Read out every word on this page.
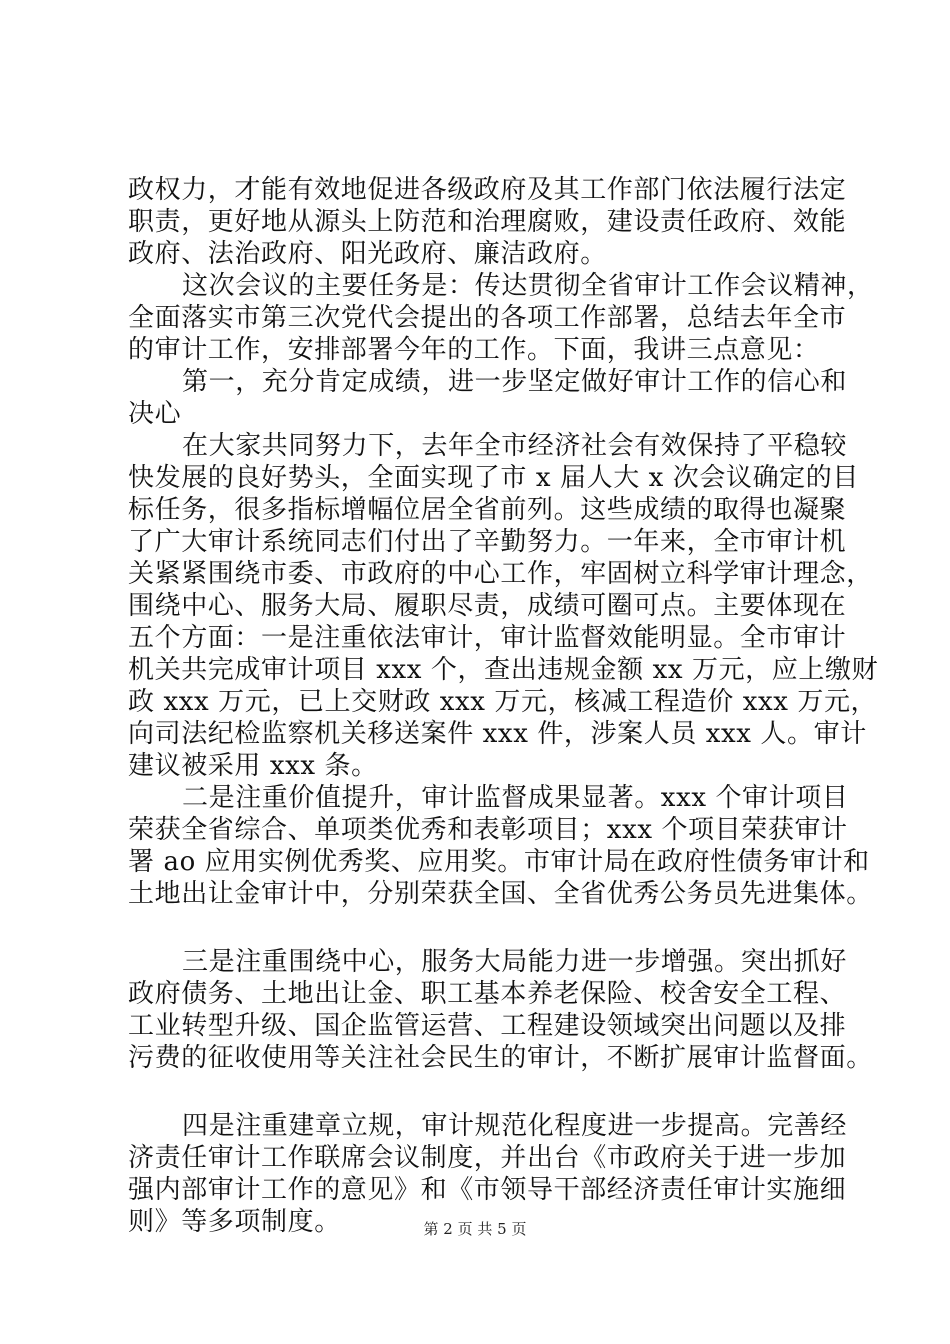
政权力，才能有效地促进各级政府及其工作部门依法履行法定
职责，更好地从源头上防范和治理腐败，建设责任政府、效能
政府、法治政府、阳光政府、廉洁政府。
这次会议的主要任务是：传达贯彻全省审计工作会议精神，
全面落实市第三次党代会提出的各项工作部署，总结去年全市
的审计工作，安排部署今年的工作。下面，我讲三点意见：
第一，充分肯定成绩，进一步坚定做好审计工作的信心和
决心
在大家共同努力下，去年全市经济社会有效保持了平稳较
快发展的良好势头，全面实现了市 x 届人大 x 次会议确定的目
标任务，很多指标增幅位居全省前列。这些成绩的取得也凝聚
了广大审计系统同志们付出了辛勤努力。一年来，全市审计机
关紧紧围绕市委、市政府的中心工作，牢固树立科学审计理念，
围绕中心、服务大局、履职尽责，成绩可圈可点。主要体现在
五个方面：一是注重依法审计，审计监督效能明显。全市审计
机关共完成审计项目 xxx 个，查出违规金额 xx 万元，应上缴财
政 xxx 万元，已上交财政 xxx 万元，核减工程造价 xxx 万元，
向司法纪检监察机关移送案件 xxx 件，涉案人员 xxx 人。审计
建议被采用 xxx 条。
二是注重价值提升，审计监督成果显著。xxx 个审计项目
荣获全省综合、单项类优秀和表彰项目；xxx 个项目荣获审计
署 ao 应用实例优秀奖、应用奖。市审计局在政府性债务审计和
土地出让金审计中，分别荣获全国、全省优秀公务员先进集体。
三是注重围绕中心，服务大局能力进一步增强。突出抓好
政府债务、土地出让金、职工基本养老保险、校舍安全工程、
工业转型升级、国企监管运营、工程建设领域突出问题以及排
污费的征收使用等关注社会民生的审计，不断扩展审计监督面。
四是注重建章立规，审计规范化程度进一步提高。完善经
济责任审计工作联席会议制度，并出台《市政府关于进一步加
强内部审计工作的意见》和《市领导干部经济责任审计实施细
则》等多项制度。	第 2 页 共 5 页
